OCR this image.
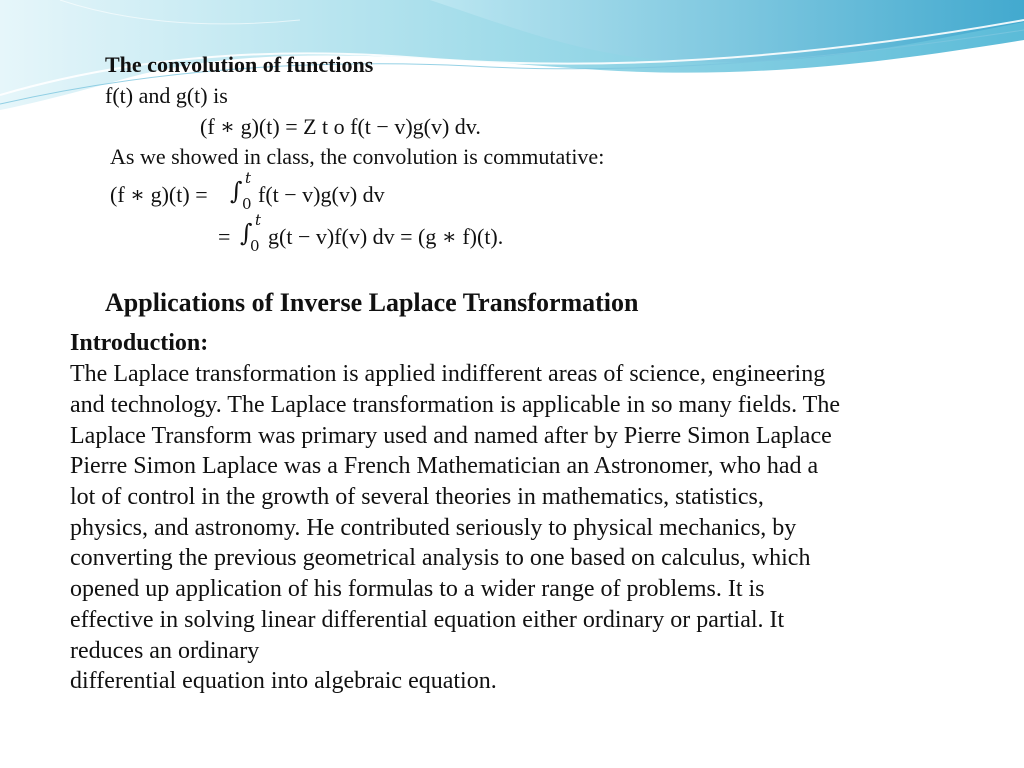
The convolution of functions
f(t) and g(t) is
(f ∗ g)(t) = Z t o f(t − v)g(v) dv.
As we showed in class, the convolution is commutative:
(f ∗ g)(t) = ∫ t
0 f(t − v)g(v) dv
= ∫ t
0 g(t − v)f(v) dv = (g ∗ f)(t).
Applications of Inverse Laplace Transformation
Introduction:
The Laplace transformation is applied indifferent areas of science, engineering
and technology. The Laplace transformation is applicable in so many fields. The
Laplace Transform was primary used and named after by Pierre Simon Laplace
Pierre Simon Laplace was a French Mathematician an Astronomer, who had a
lot of control in the growth of several theories in mathematics, statistics,
physics, and astronomy. He contributed seriously to physical mechanics, by
converting the previous geometrical analysis to one based on calculus, which
opened up application of his formulas to a wider range of problems. It is
effective in solving linear differential equation either ordinary or partial. It
reduces an ordinary
differential equation into algebraic equation.
